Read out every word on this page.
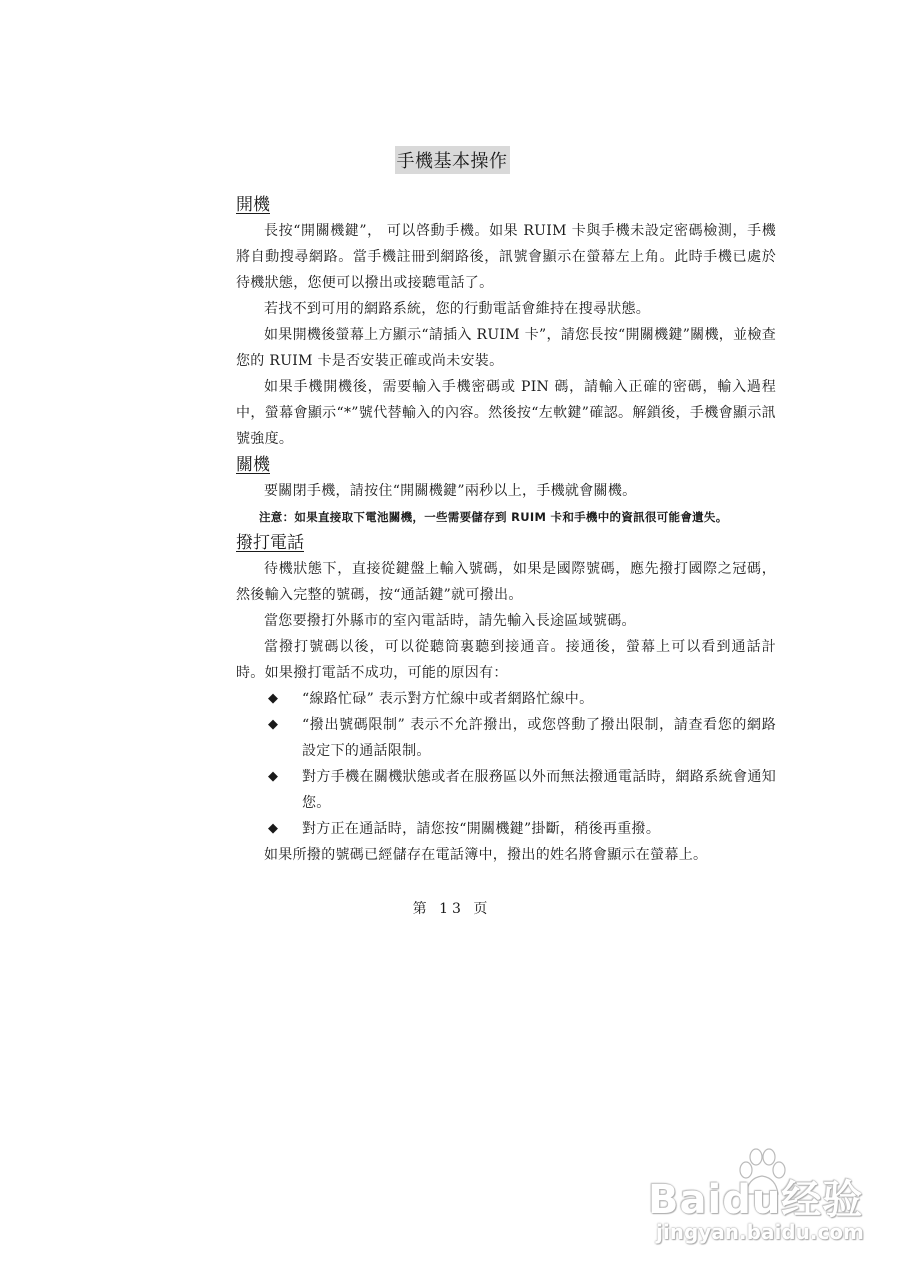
手機基本操作
開機

長按“開關機鍵”， 可以啓動手機。如果 RUIM 卡與手機未設定密碼檢測，手機將自動搜尋網路。當手機註冊到網路後，訊號會顯示在螢幕左上角。此時手機已處於待機狀態，您便可以撥出或接聽電話了。

若找不到可用的網路系統，您的行動電話會維持在搜尋狀態。

如果開機後螢幕上方顯示“請插入 RUIM 卡”，請您長按“開關機鍵”關機，並檢查您的 RUIM 卡是否安裝正確或尚未安裝。

如果手機開機後，需要輸入手機密碼或 PIN 碼，請輸入正確的密碼，輸入過程中，螢幕會顯示“*”號代替輸入的內容。然後按“左軟鍵”確認。解鎖後，手機會顯示訊號強度。

關機

要關閉手機，請按住“開關機鍵”兩秒以上，手機就會關機。

注意：如果直接取下電池關機，一些需要儲存到 RUIM 卡和手機中的資訊很可能會遺失。

撥打電話

待機狀態下，直接從鍵盤上輸入號碼，如果是國際號碼，應先撥打國際之冠碼，然後輸入完整的號碼，按“通話鍵”就可撥出。

當您要撥打外縣市的室內電話時，請先輸入長途區域號碼。

當撥打號碼以後，可以從聽筒裏聽到接通音。接通後，螢幕上可以看到通話計時。如果撥打電話不成功，可能的原因有：

◆ “線路忙碌” 表示對方忙線中或者網路忙線中。
◆ “撥出號碼限制” 表示不允許撥出，或您啓動了撥出限制，請查看您的網路設定下的通話限制。
◆ 對方手機在關機狀態或者在服務區以外而無法撥通電話時，網路系統會通知您。
◆ 對方正在通話時，請您按“開關機鍵”掛斷，稍後再重撥。

如果所撥的號碼已經儲存在電話簿中，撥出的姓名將會顯示在螢幕上。

第 13 页
Baidu经验
jingyan.baidu.com
